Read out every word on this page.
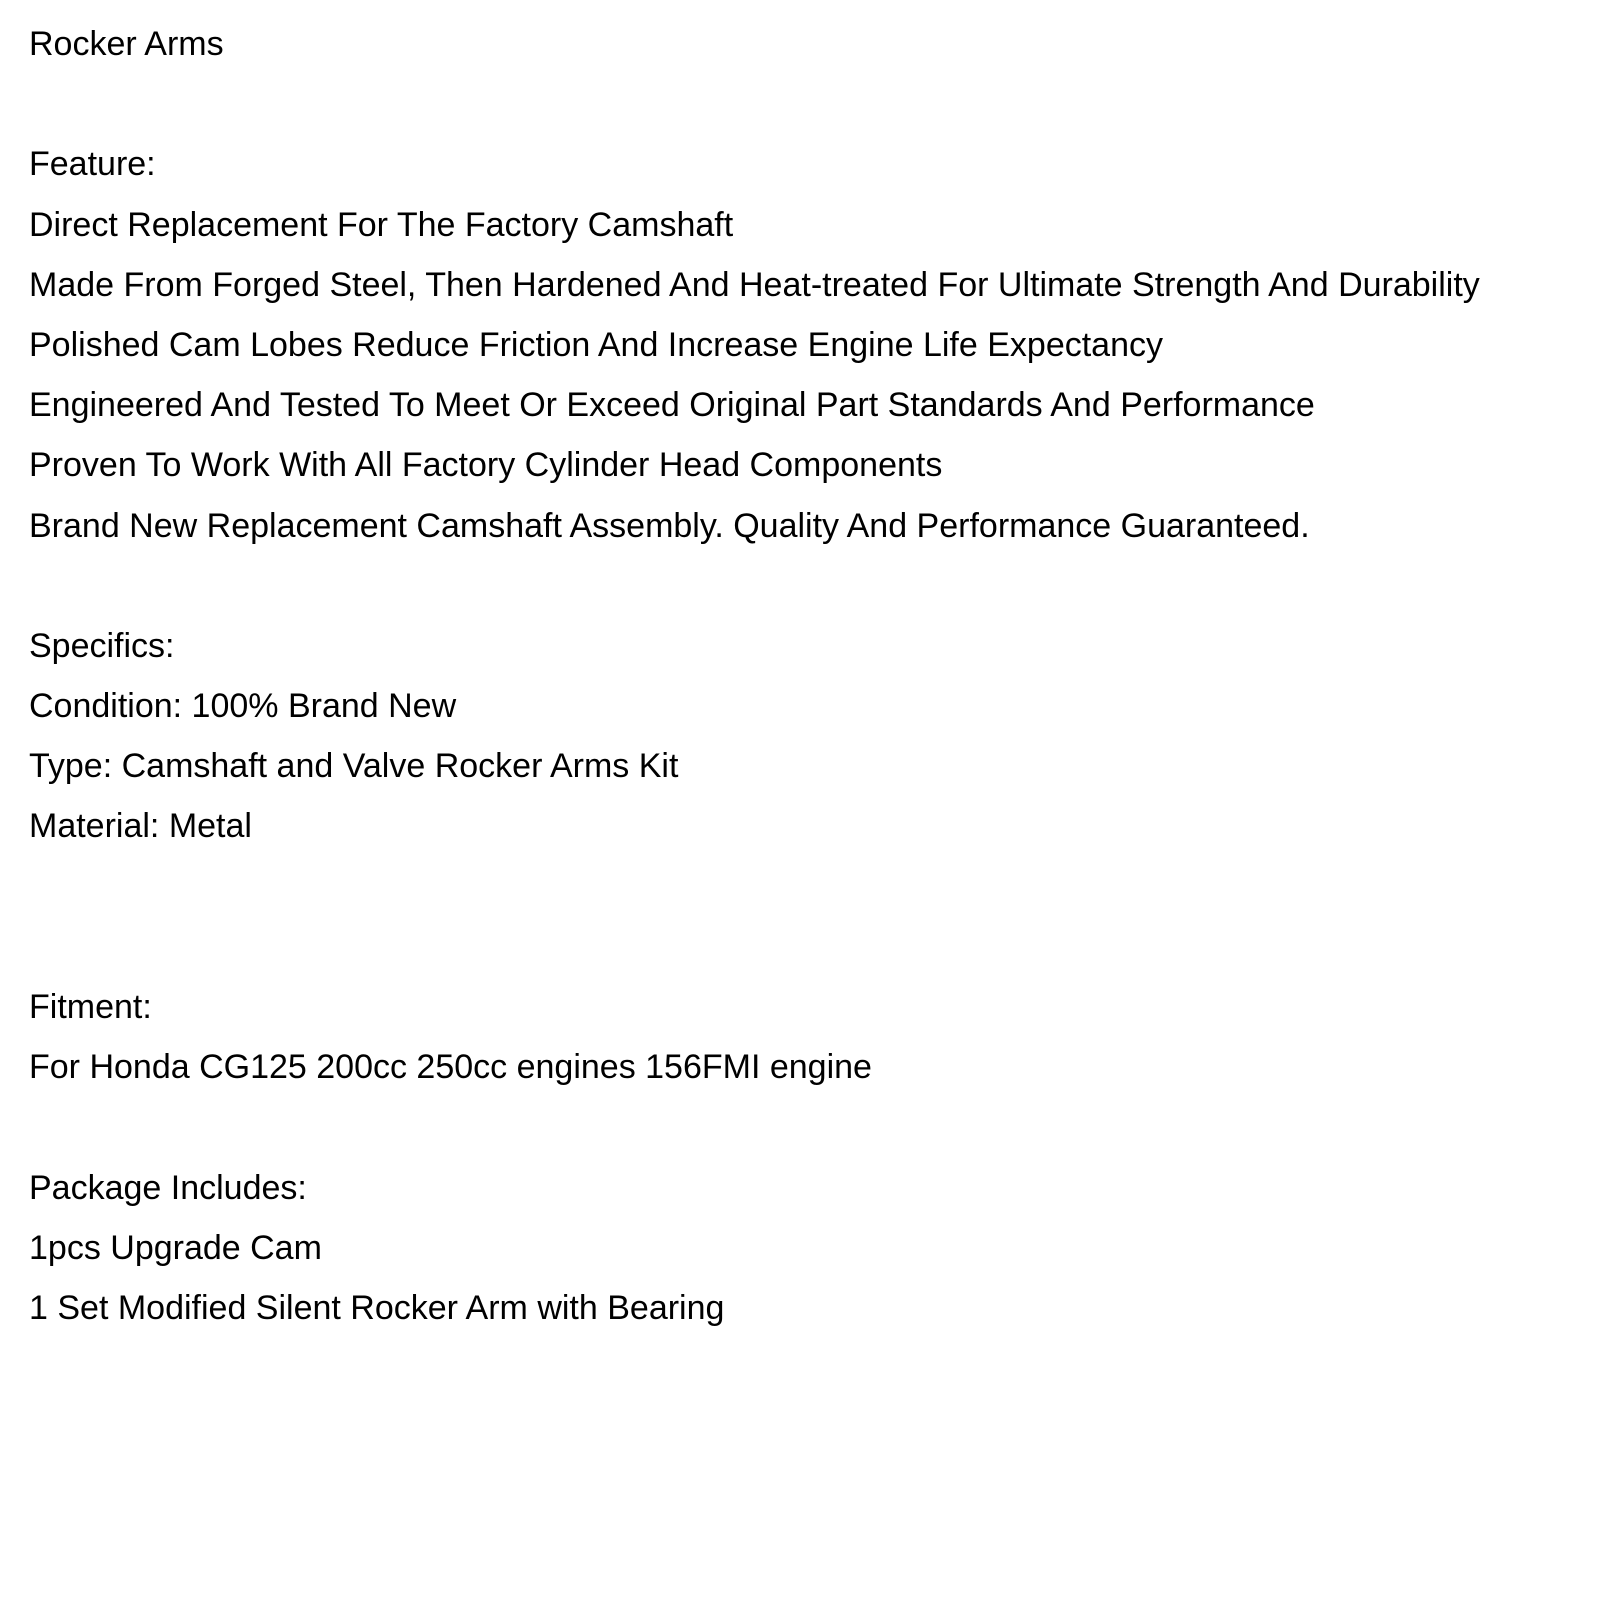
Rocker Arms
Feature:
Direct Replacement For The Factory Camshaft
Made From Forged Steel, Then Hardened And Heat-treated For Ultimate Strength And Durability
Polished Cam Lobes Reduce Friction And Increase Engine Life Expectancy
Engineered And Tested To Meet Or Exceed Original Part Standards And Performance
Proven To Work With All Factory Cylinder Head Components
Brand New Replacement Camshaft Assembly. Quality And Performance Guaranteed.
Specifics:
Condition: 100% Brand New
Type: Camshaft and Valve Rocker Arms Kit
Material: Metal
Fitment:
For Honda CG125 200cc 250cc engines 156FMI engine
Package Includes:
1pcs Upgrade Cam
1 Set Modified Silent Rocker Arm with Bearing
